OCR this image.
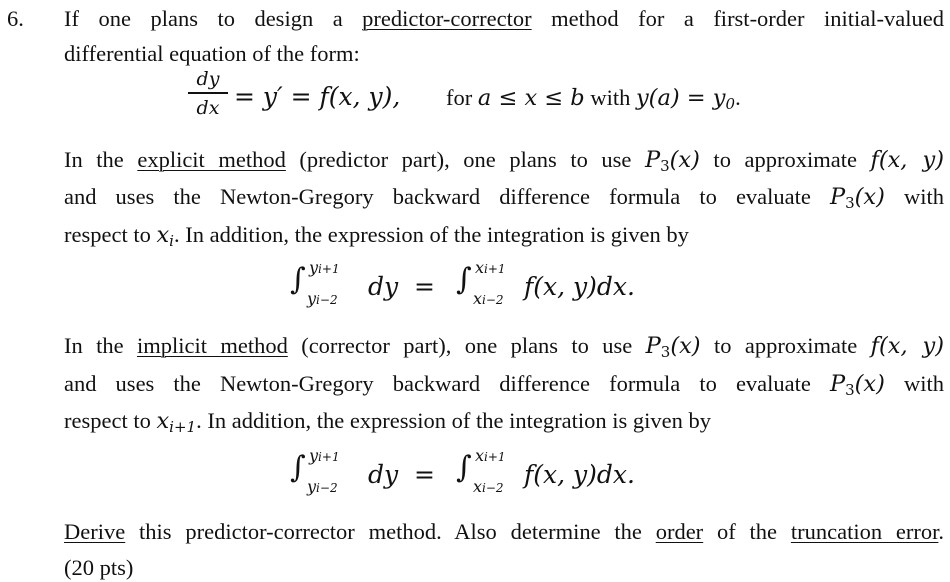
6. If one plans to design a predictor-corrector method for a first-order initial-valued
differential equation of the form:
dy
dx = y′ = f(x, y), for a ≤ x ≤ b with $y(a) = y_0$.
In the explicit method (predictor part), one plans to use $P_3(x)$ to approximate f(x, y)
and uses the Newton-Gregory backward difference formula to evaluate $P_3(x)$ with
respect to $x_i$. In addition, the expression of the integration is given by
∫ yi+1
yi−2 dy = ∫ xi+1
xi−2 f(x, y)dx.
In the implicit method (corrector part), one plans to use $P_3(x)$ to approximate f(x, y)
and uses the Newton-Gregory backward difference formula to evaluate $P_3(x)$ with
respect to $x_{i+1}$. In addition, the expression of the integration is given by
∫ yi+1
yi−2 dy = ∫ xi+1
xi−2 f(x, y)dx.
Derive this predictor-corrector method. Also determine the order of the truncation error.
(20 pts)
